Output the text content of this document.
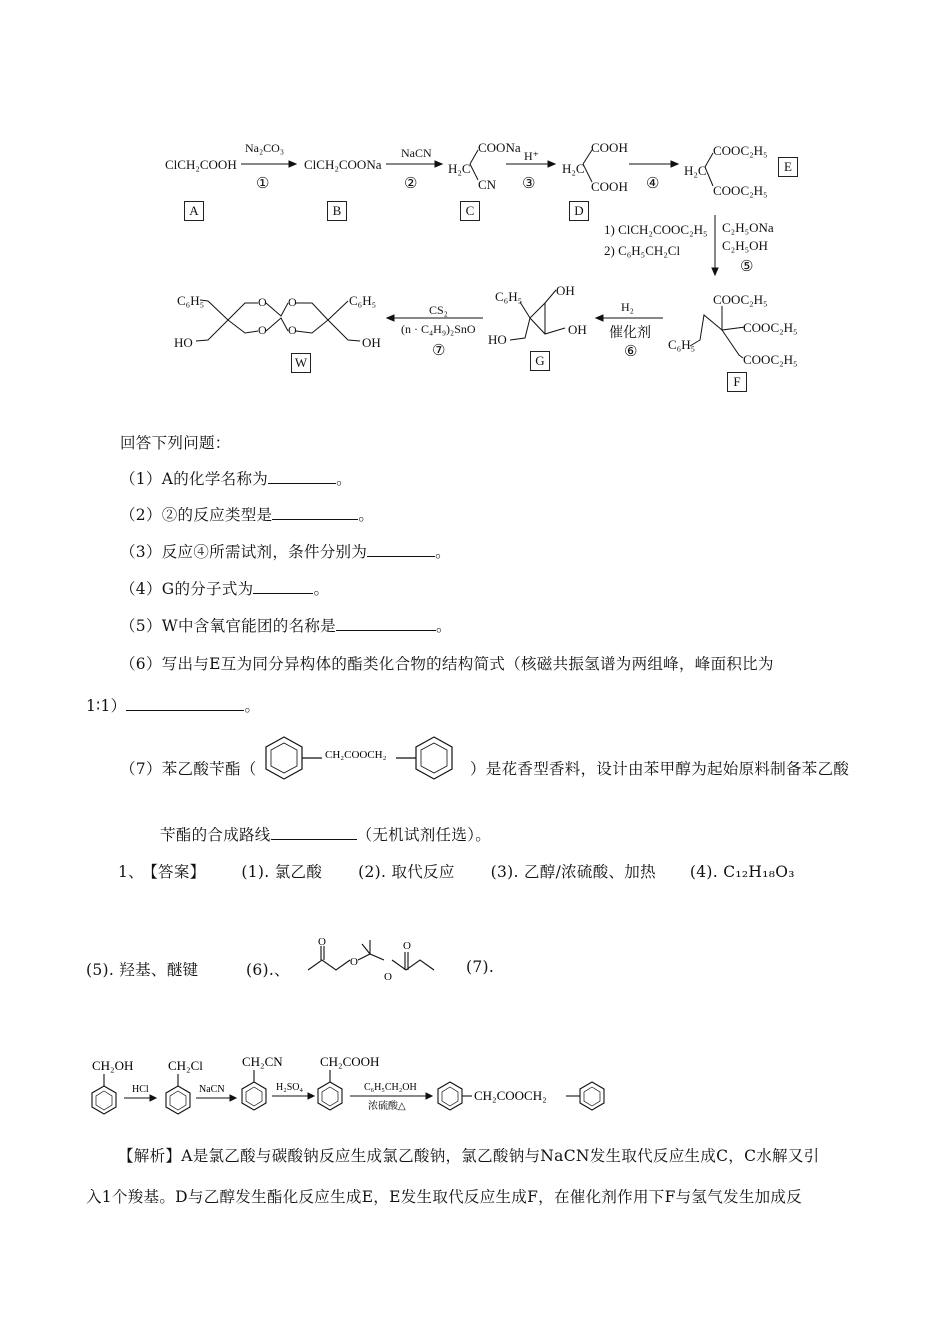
ClCH₂COOH
Na₂CO₃
①
ClCH₂COONa
NaCN
②
COONa
H₂C
CN
H⁺
③
COOH
H₂C
COOH ④
COOC₂H₅
H₂C
COOC₂H₅
A	B	C	D
E
1) ClCH₂COOC₂H₅
2) C₆H₅CH₂Cl
C₂H₅ONa
C₂H₅OH
⑤
COOC₂H₅
COOC₂H₅
COOC₂H₅
C₆H₅
F
H₂
催化剂
⑥
C₆H₅	OH
OH
HO
G
CS₂
(n · C₄H₉)₂SnO
⑦
C₆H₅	C₆H₅
HO	OH
O O
O O
W
回答下列问题：
（1）A的化学名称为	。
（2）②的反应类型是	。
（3）反应④所需试剂，条件分别为	。
（4）G的分子式为	。
（5）W中含氧官能团的名称是	。
（6）写出与E互为同分异构体的酯类化合物的结构简式（核磁共振氢谱为两组峰，峰面积比为
1∶1）	。
（7）苯乙酸苄酯（
CH₂COOCH₂
）是花香型香料，设计由苯甲醇为起始原料制备苯乙酸
苄酯的合成路线	（无机试剂任选）。
1、 【答案】 (1). 氯乙酸 (2). 取代反应 (3). 乙醇/浓硫酸、加热 (4). C₁₂H₁₈O₃
(5). 羟基、醚键	(6).、
O
O
O
O
(7).
CH₂OH
HCl
CH₂Cl
NaCN
CH₂CN
H₂SO₄
CH₂COOH
C₆H₅CH₂OH
浓硫酸△
CH₂COOCH₂
【解析】A是氯乙酸与碳酸钠反应生成氯乙酸钠，氯乙酸钠与NaCN发生取代反应生成C，C水解又引
入1个羧基。D与乙醇发生酯化反应生成E，E发生取代反应生成F，在催化剂作用下F与氢气发生加成反
